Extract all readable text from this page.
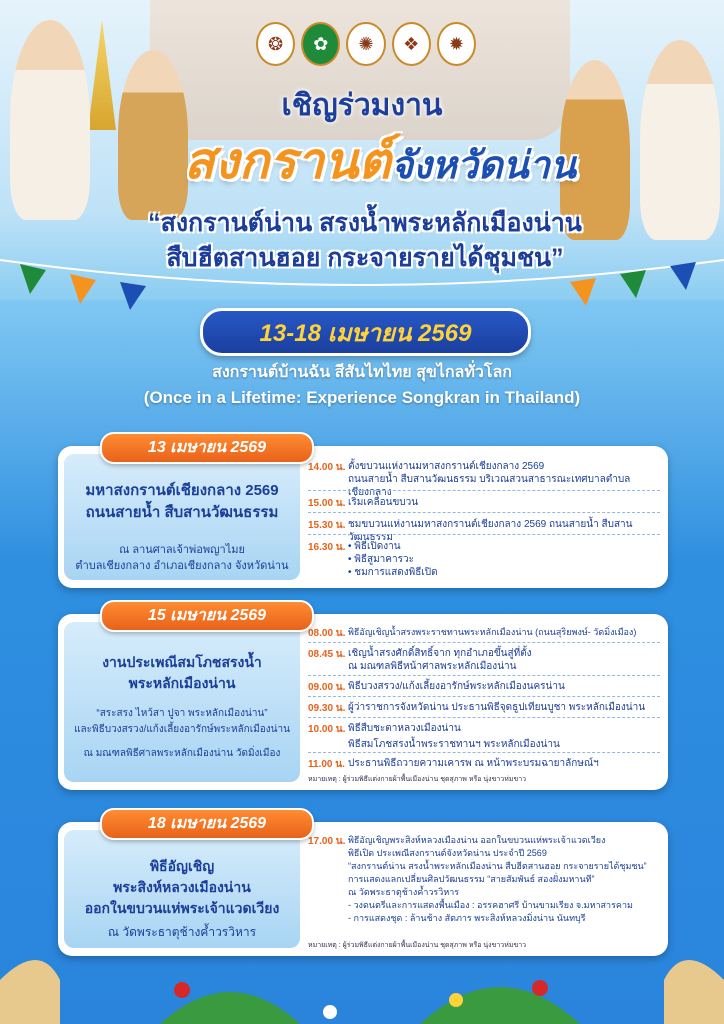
❂	✿	✺	❖	✹
เชิญร่วมงาน
สงกรานต์จังหวัดน่าน
“สงกรานต์น่าน สรงน้ำพระหลักเมืองน่าน
สืบฮีตสานฮอย กระจายรายได้ชุมชน”
13-18 เมษายน 2569
สงกรานต์บ้านฉัน สีสันไทไทย สุขไกลทั่วโลก
(Once in a Lifetime: Experience Songkran in Thailand)
มหาสงกรานต์เชียงกลาง 2569
ถนนสายน้ำ สืบสานวัฒนธรรม
ณ ลานศาลเจ้าพ่อพญาไมย
ตำบลเชียงกลาง อำเภอเชียงกลาง จังหวัดน่าน
14.00 น. ตั้งขบวนแห่งานมหาสงกรานต์เชียงกลาง 2569
ถนนสายน้ำ สืบสานวัฒนธรรม บริเวณสวนสาธารณะเทศบาลตำบลเชียงกลาง
15.00 น. เริ่มเคลื่อนขบวน
15.30 น. ชมขบวนแห่งานมหาสงกรานต์เชียงกลาง 2569 ถนนสายน้ำ สืบสานวัฒนธรรม
16.30 น. • พิธีเปิดงาน
• พิธีสูมาคารวะ
• ชมการแสดงพิธีเปิด
13 เมษายน 2569
งานประเพณีสมโภชสรงน้ำ
พระหลักเมืองน่าน
“สระสรง ไหว้สา ปูจา พระหลักเมืองน่าน”
และพิธีบวงสรวง/แก้งเลี้ยงอารักษ์พระหลักเมืองน่าน
ณ มณฑลพิธีศาลพระหลักเมืองน่าน วัดมิ่งเมือง
08.00 น. พิธีอัญเชิญน้ำสรงพระราชทานพระหลักเมืองน่าน (ถนนสุริยพงษ์- วัดมิ่งเมือง)
08.45 น. เชิญน้ำสรงศักดิ์สิทธิ์จาก ทุกอำเภอขึ้นสู่ที่ตั้ง
ณ มณฑลพิธีหน้าศาลพระหลักเมืองน่าน
09.00 น. พิธีบวงสรวง/แก้งเลี้ยงอารักษ์พระหลักเมืองนครน่าน
09.30 น. ผู้ว่าราชการจังหวัดน่าน ประธานพิธีจุดธูปเทียนบูชา พระหลักเมืองน่าน
10.00 น. พิธีสืบชะตาหลวงเมืองน่าน
พิธีสมโภชสรงน้ำพระราชทานฯ พระหลักเมืองน่าน
11.00 น. ประธานพิธีถวายความเคารพ ณ หน้าพระบรมฉายาลักษณ์ฯ
หมายเหตุ : ผู้ร่วมพิธีแต่งกายผ้าพื้นเมืองน่าน ชุดสุภาพ หรือ นุ่งขาวห่มขาว
15 เมษายน 2569
พิธีอัญเชิญ
พระสิงห์หลวงเมืองน่าน
ออกในขบวนแห่พระเจ้าแวดเวียง
ณ วัดพระธาตุช้างค้ำวรวิหาร
17.00 น. พิธีอัญเชิญพระสิงห์หลวงเมืองน่าน ออกในขบวนแห่พระเจ้าแวดเวียง
พิธีเปิด ประเพณีสงกรานต์จังหวัดน่าน ประจำปี 2569
“สงกรานต์น่าน สรงน้ำพระหลักเมืองน่าน สืบฮีตสานฮอย กระจายรายได้ชุมชน”
การแสดงแลกเปลี่ยนศิลปวัฒนธรรม “สายสัมพันธ์ สองฝั่งมหานที”
ณ วัดพระธาตุช้างค้ำวรวิหาร
- วงดนตรีและการแสดงพื้นเมือง : อรรคฮาศรี บ้านขามเรียง จ.มหาสารคาม
- การแสดงชุด : ล้านช้าง สัตภาร พระสิงห์หลวงมิ่งน่าน นันทบุรี
หมายเหตุ : ผู้ร่วมพิธีแต่งกายผ้าพื้นเมืองน่าน ชุดสุภาพ หรือ นุ่งขาวห่มขาว
18 เมษายน 2569
